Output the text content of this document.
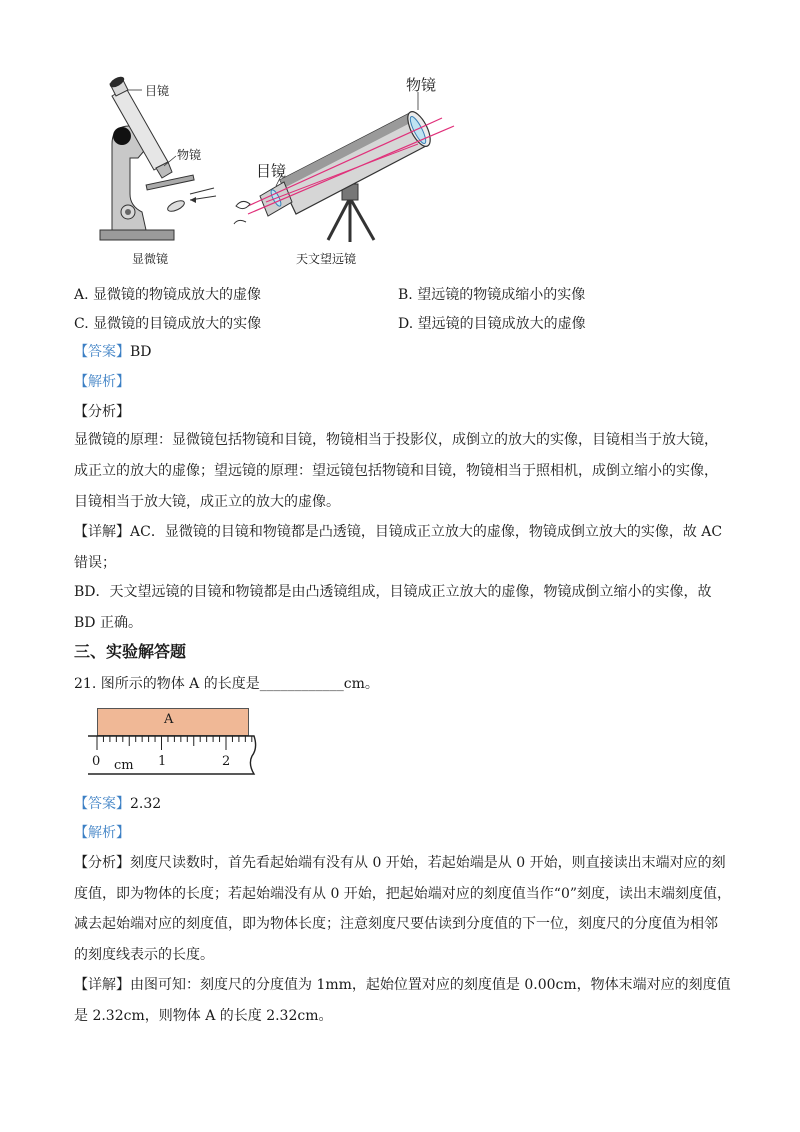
目镜
物镜
显微镜
物镜
目镜
天文望远镜
A. 显微镜的物镜成放大的虚像	B. 望远镜的物镜成缩小的实像
C. 显微镜的目镜成放大的实像	D. 望远镜的目镜成放大的虚像
【答案】BD
【解析】
【分析】
显微镜的原理：显微镜包括物镜和目镜，物镜相当于投影仪，成倒立的放大的实像，目镜相当于放大镜，
成正立的放大的虚像；望远镜的原理：望远镜包括物镜和目镜，物镜相当于照相机，成倒立缩小的实像，
目镜相当于放大镜，成正立的放大的虚像。
【详解】AC．显微镜的目镜和物镜都是凸透镜，目镜成正立放大的虚像，物镜成倒立放大的实像，故 AC
错误；
BD．天文望远镜的目镜和物镜都是由凸透镜组成，目镜成正立放大的虚像，物镜成倒立缩小的实像，故
BD 正确。
三、实验解答题
21. 图所示的物体 A 的长度是____________cm。
A
0 cm 1	2
【答案】2.32
【解析】
【分析】刻度尺读数时，首先看起始端有没有从 0 开始，若起始端是从 0 开始，则直接读出末端对应的刻
度值，即为物体的长度；若起始端没有从 0 开始，把起始端对应的刻度值当作“0”刻度，读出末端刻度值，
减去起始端对应的刻度值，即为物体长度；注意刻度尺要估读到分度值的下一位，刻度尺的分度值为相邻
的刻度线表示的长度。
【详解】由图可知：刻度尺的分度值为 1mm，起始位置对应的刻度值是 0.00cm，物体末端对应的刻度值
是 2.32cm，则物体 A 的长度 2.32cm。
